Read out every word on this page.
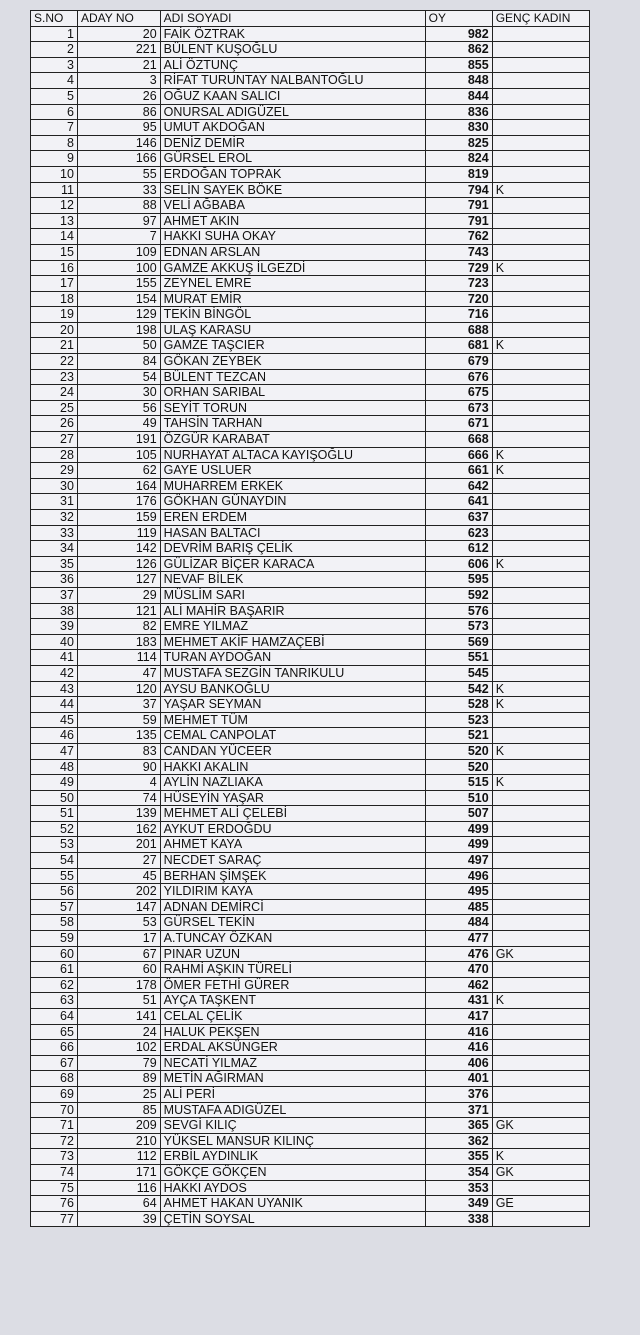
S.NO	ADAY NO	ADI SOYADI	OY	GENÇ KADIN
1	20	FAİK ÖZTRAK	982	
2	221	BÜLENT KUŞOĞLU	862	
3	21	ALİ ÖZTUNÇ	855	
4	3	RİFAT TURUNTAY NALBANTOĞLU	848	
5	26	OĞUZ KAAN SALICI	844	
6	86	ONURSAL ADIGÜZEL	836	
7	95	UMUT AKDOĞAN	830	
8	146	DENİZ DEMİR	825	
9	166	GÜRSEL EROL	824	
10	55	ERDOĞAN TOPRAK	819	
11	33	SELİN SAYEK BÖKE	794	K
12	88	VELİ AĞBABA	791	
13	97	AHMET AKIN	791	
14	7	HAKKI SUHA OKAY	762	
15	109	EDNAN ARSLAN	743	
16	100	GAMZE AKKUŞ İLGEZDİ	729	K
17	155	ZEYNEL EMRE	723	
18	154	MURAT EMİR	720	
19	129	TEKİN BİNGÖL	716	
20	198	ULAŞ KARASU	688	
21	50	GAMZE TAŞCIER	681	K
22	84	GÖKAN ZEYBEK	679	
23	54	BÜLENT TEZCAN	676	
24	30	ORHAN SARIBAL	675	
25	56	SEYİT TORUN	673	
26	49	TAHSİN TARHAN	671	
27	191	ÖZGÜR KARABAT	668	
28	105	NURHAYAT ALTACA KAYIŞOĞLU	666	K
29	62	GAYE USLUER	661	K
30	164	MUHARREM ERKEK	642	
31	176	GÖKHAN GÜNAYDIN	641	
32	159	EREN ERDEM	637	
33	119	HASAN BALTACI	623	
34	142	DEVRİM BARIŞ ÇELİK	612	
35	126	GÜLİZAR BİÇER KARACA	606	K
36	127	NEVAF BİLEK	595	
37	29	MÜSLİM SARI	592	
38	121	ALİ MAHİR BAŞARIR	576	
39	82	EMRE YILMAZ	573	
40	183	MEHMET AKİF HAMZAÇEBİ	569	
41	114	TURAN AYDOĞAN	551	
42	47	MUSTAFA SEZGİN TANRIKULU	545	
43	120	AYSU BANKOĞLU	542	K
44	37	YAŞAR SEYMAN	528	K
45	59	MEHMET TÜM	523	
46	135	CEMAL CANPOLAT	521	
47	83	CANDAN YÜCEER	520	K
48	90	HAKKI AKALIN	520	
49	4	AYLİN NAZLIAKA	515	K
50	74	HÜSEYİN YAŞAR	510	
51	139	MEHMET ALİ ÇELEBİ	507	
52	162	AYKUT ERDOĞDU	499	
53	201	AHMET KAYA	499	
54	27	NECDET SARAÇ	497	
55	45	BERHAN ŞİMŞEK	496	
56	202	YILDIRIM KAYA	495	
57	147	ADNAN DEMİRCİ	485	
58	53	GÜRSEL TEKİN	484	
59	17	A.TUNCAY ÖZKAN	477	
60	67	PINAR UZUN	476	GK
61	60	RAHMİ AŞKIN TÜRELİ	470	
62	178	ÖMER FETHİ GÜRER	462	
63	51	AYÇA TAŞKENT	431	K
64	141	CELAL ÇELİK	417	
65	24	HALUK PEKŞEN	416	
66	102	ERDAL AKSÜNGER	416	
67	79	NECATİ YILMAZ	406	
68	89	METİN AĞIRMAN	401	
69	25	ALİ PERİ	376	
70	85	MUSTAFA ADIGÜZEL	371	
71	209	SEVGİ KILIÇ	365	GK
72	210	YÜKSEL MANSUR KILINÇ	362	
73	112	ERBİL AYDINLIK	355	K
74	171	GÖKÇE GÖKÇEN	354	GK
75	116	HAKKI AYDOS	353	
76	64	AHMET HAKAN UYANIK	349	GE
77	39	ÇETİN SOYSAL	338	
